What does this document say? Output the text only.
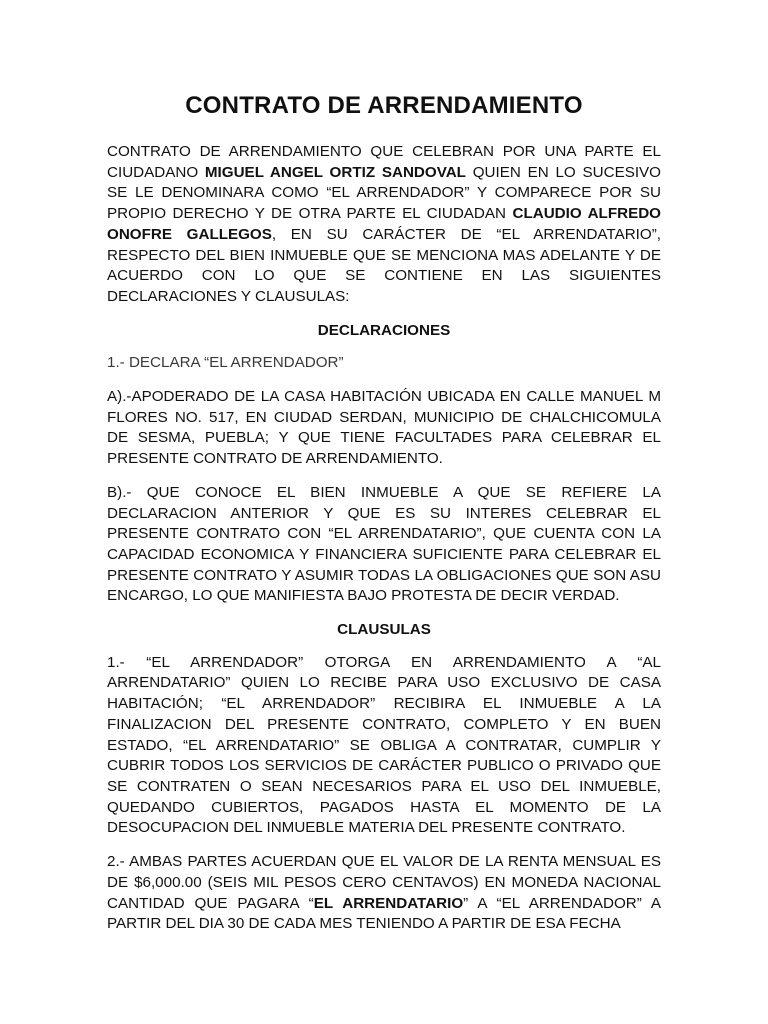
CONTRATO DE ARRENDAMIENTO

CONTRATO DE ARRENDAMIENTO QUE CELEBRAN POR UNA PARTE EL CIUDADANO MIGUEL ANGEL ORTIZ SANDOVAL QUIEN EN LO SUCESIVO SE LE DENOMINARA COMO “EL ARRENDADOR” Y COMPARECE POR SU PROPIO DERECHO Y DE OTRA PARTE EL CIUDADAN CLAUDIO ALFREDO ONOFRE GALLEGOS, EN SU CARÁCTER DE “EL ARRENDATARIO”, RESPECTO DEL BIEN INMUEBLE QUE SE MENCIONA MAS ADELANTE Y DE ACUERDO CON LO QUE SE CONTIENE EN LAS SIGUIENTES DECLARACIONES Y CLAUSULAS:

DECLARACIONES

1.- DECLARA “EL ARRENDADOR”

A).-APODERADO DE LA CASA HABITACIÓN UBICADA EN CALLE MANUEL M FLORES NO. 517, EN CIUDAD SERDAN, MUNICIPIO DE CHALCHICOMULA DE SESMA, PUEBLA; Y QUE TIENE FACULTADES PARA CELEBRAR EL PRESENTE CONTRATO DE ARRENDAMIENTO.

B).- QUE CONOCE EL BIEN INMUEBLE A QUE SE REFIERE LA DECLARACION ANTERIOR Y QUE ES SU INTERES CELEBRAR EL PRESENTE CONTRATO CON “EL ARRENDATARIO”, QUE CUENTA CON LA CAPACIDAD ECONOMICA Y FINANCIERA SUFICIENTE PARA CELEBRAR EL PRESENTE CONTRATO Y ASUMIR TODAS LA OBLIGACIONES QUE SON ASU ENCARGO, LO QUE MANIFIESTA BAJO PROTESTA DE DECIR VERDAD.

CLAUSULAS

1.- “EL ARRENDADOR” OTORGA EN ARRENDAMIENTO A “AL ARRENDATARIO” QUIEN LO RECIBE PARA USO EXCLUSIVO DE CASA HABITACIÓN; “EL ARRENDADOR” RECIBIRA EL INMUEBLE A LA FINALIZACION DEL PRESENTE CONTRATO, COMPLETO Y EN BUEN ESTADO, “EL ARRENDATARIO” SE OBLIGA A CONTRATAR, CUMPLIR Y CUBRIR TODOS LOS SERVICIOS DE CARÁCTER PUBLICO O PRIVADO QUE SE CONTRATEN O SEAN NECESARIOS PARA EL USO DEL INMUEBLE, QUEDANDO CUBIERTOS, PAGADOS HASTA EL MOMENTO DE LA DESOCUPACION DEL INMUEBLE MATERIA DEL PRESENTE CONTRATO.

2.- AMBAS PARTES ACUERDAN QUE EL VALOR DE LA RENTA MENSUAL ES DE $6,000.00 (SEIS MIL PESOS CERO CENTAVOS) EN MONEDA NACIONAL CANTIDAD QUE PAGARA “EL ARRENDATARIO” A “EL ARRENDADOR” A PARTIR DEL DIA 30 DE CADA MES TENIENDO A PARTIR DE ESA FECHA
